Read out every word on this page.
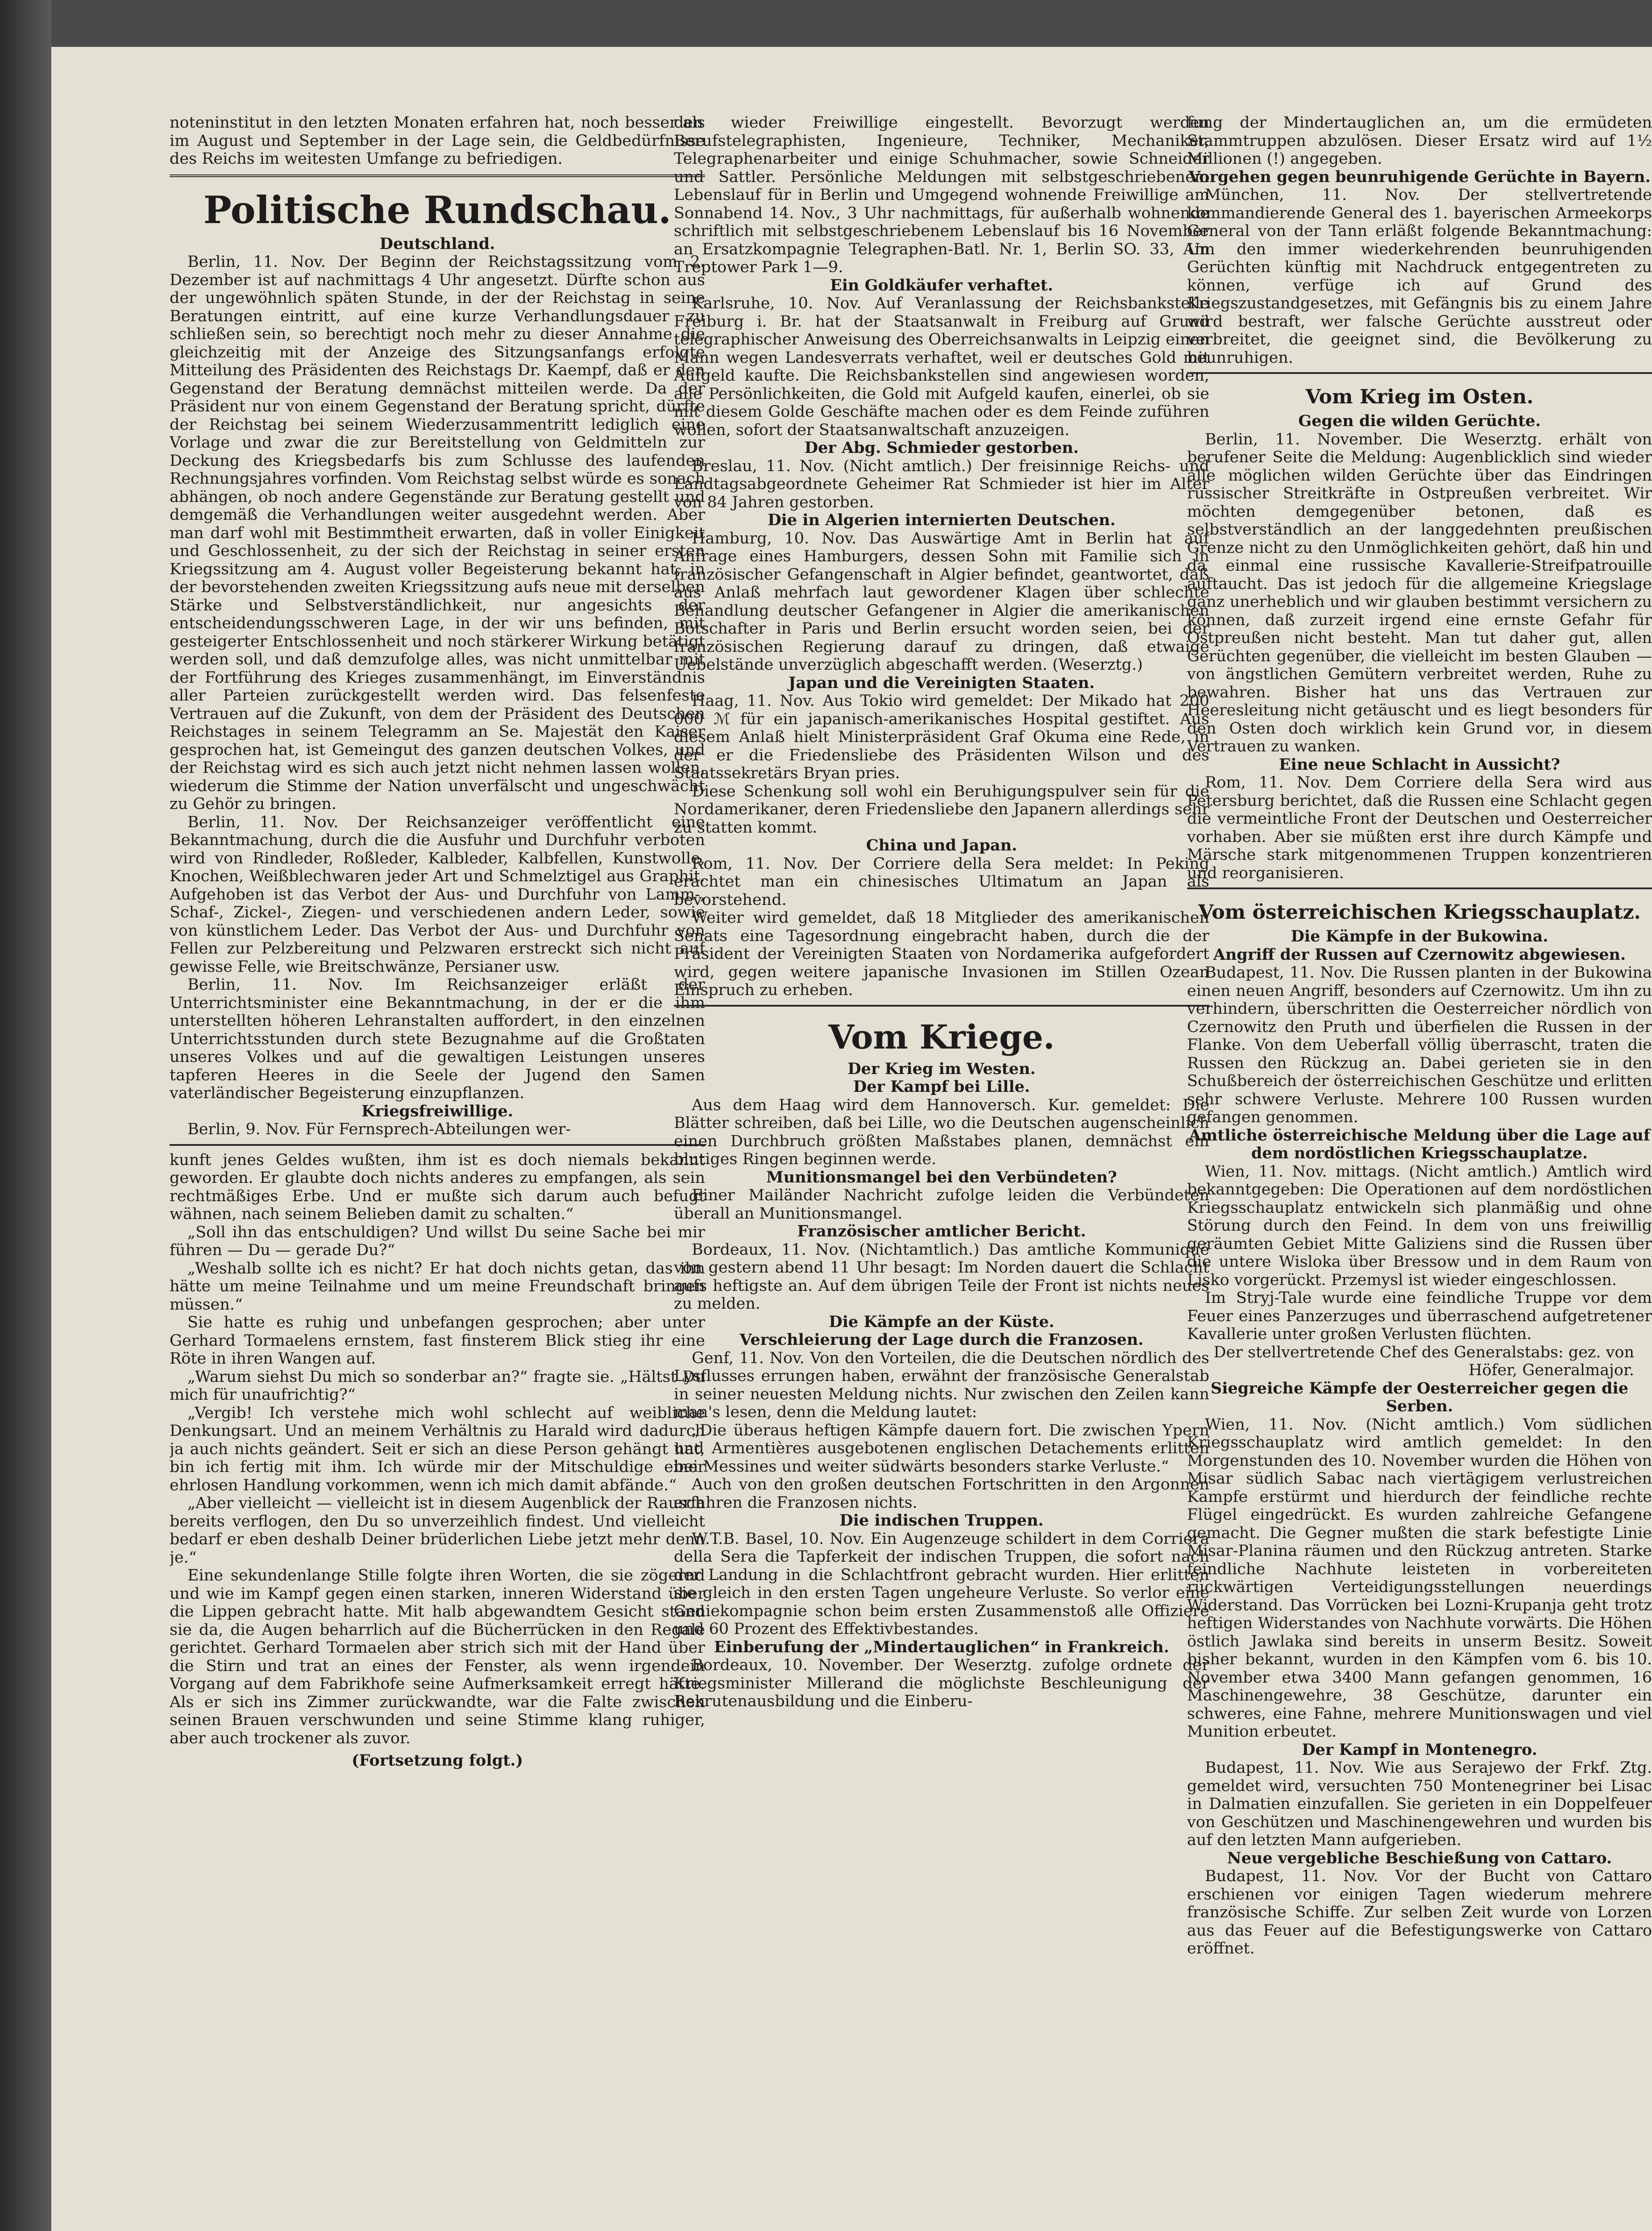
noteninstitut in den letzten Monaten erfahren hat, noch besser als im August und September in der Lage sein, die Geldbedürfnisse des Reichs im weitesten Umfange zu befriedigen.

Politische Rundschau.
Deutschland.

Berlin, 11. Nov. Der Beginn der Reichstagssitzung vom 2. Dezember ist auf nachmittags 4 Uhr angesetzt. Dürfte schon aus der ungewöhnlich späten Stunde, in der der Reichstag in seine Beratungen eintritt, auf eine kurze Verhandlungsdauer zu schließen sein, so berechtigt noch mehr zu dieser Annahme die gleichzeitig mit der Anzeige des Sitzungsanfangs erfolgte Mitteilung des Präsidenten des Reichstags Dr. Kaempf, daß er den Gegenstand der Beratung demnächst mitteilen werde. Da der Präsident nur von einem Gegenstand der Beratung spricht, dürfte der Reichstag bei seinem Wiederzusammentritt lediglich eine Vorlage und zwar die zur Bereitstellung von Geldmitteln zur Deckung des Kriegsbedarfs bis zum Schlusse des laufenden Rechnungsjahres vorfinden. Vom Reichstag selbst würde es sonach abhängen, ob noch andere Gegenstände zur Beratung gestellt und demgemäß die Verhandlungen weiter ausgedehnt werden. Aber man darf wohl mit Bestimmtheit erwarten, daß in voller Einigkeit und Geschlossenheit, zu der sich der Reichstag in seiner ersten Kriegssitzung am 4. August voller Begeisterung bekannt hat, in der bevorstehenden zweiten Kriegssitzung aufs neue mit derselben Stärke und Selbstverständlichkeit, nur angesichts der entscheidendungsschweren Lage, in der wir uns befinden, mit gesteigerter Entschlossenheit und noch stärkerer Wirkung betätigt werden soll, und daß demzufolge alles, was nicht unmittelbar mit der Fortführung des Krieges zusammenhängt, im Einverständnis aller Parteien zurückgestellt werden wird. Das felsenfeste Vertrauen auf die Zukunft, von dem der Präsident des Deutschen Reichstages in seinem Telegramm an Se. Majestät den Kaiser gesprochen hat, ist Gemeingut des ganzen deutschen Volkes, und der Reichstag wird es sich auch jetzt nicht nehmen lassen wollen, wiederum die Stimme der Nation unverfälscht und ungeschwächt zu Gehör zu bringen.

Berlin, 11. Nov. Der Reichsanzeiger veröffentlicht eine Bekanntmachung, durch die die Ausfuhr und Durchfuhr verboten wird von Rindleder, Roßleder, Kalbleder, Kalbfellen, Kunstwolle, Knochen, Weißblechwaren jeder Art und Schmelztigel aus Graphit. Aufgehoben ist das Verbot der Aus- und Durchfuhr von Lamm-, Schaf-, Zickel-, Ziegen- und verschiedenen andern Leder, sowie von künstlichem Leder. Das Verbot der Aus- und Durchfuhr von Fellen zur Pelzbereitung und Pelzwaren erstreckt sich nicht auf gewisse Felle, wie Breitschwänze, Persianer usw.

Berlin, 11. Nov. Im Reichsanzeiger erläßt der Unterrichtsminister eine Bekanntmachung, in der er die ihm unterstellten höheren Lehranstalten auffordert, in den einzelnen Unterrichtsstunden durch stete Bezugnahme auf die Großtaten unseres Volkes und auf die gewaltigen Leistungen unseres tapferen Heeres in die Seele der Jugend den Samen vaterländischer Begeisterung einzupflanzen.

Kriegsfreiwillige.

Berlin, 9. Nov. Für Fernsprech-Abteilungen wer-

kunft jenes Geldes wußten, ihm ist es doch niemals bekannt geworden. Er glaubte doch nichts anderes zu empfangen, als sein rechtmäßiges Erbe. Und er mußte sich darum auch befugt wähnen, nach seinem Belieben damit zu schalten.“

„Soll ihn das entschuldigen? Und willst Du seine Sache bei mir führen — Du — gerade Du?“

„Weshalb sollte ich es nicht? Er hat doch nichts getan, das ihn hätte um meine Teilnahme und um meine Freundschaft bringen müssen.“

Sie hatte es ruhig und unbefangen gesprochen; aber unter Gerhard Tormaelens ernstem, fast finsterem Blick stieg ihr eine Röte in ihren Wangen auf.

„Warum siehst Du mich so sonderbar an?“ fragte sie. „Hältst Du mich für unaufrichtig?“

„Vergib! Ich verstehe mich wohl schlecht auf weibliche Denkungsart. Und an meinem Verhältnis zu Harald wird dadurch ja auch nichts geändert. Seit er sich an diese Person gehängt hat, bin ich fertig mit ihm. Ich würde mir der Mitschuldige einer ehrlosen Handlung vorkommen, wenn ich mich damit abfände.“

„Aber vielleicht — vielleicht ist in diesem Augenblick der Rausch bereits verflogen, den Du so unverzeihlich findest. Und vielleicht bedarf er eben deshalb Deiner brüderlichen Liebe jetzt mehr denn je.“

Eine sekundenlange Stille folgte ihren Worten, die sie zögernd und wie im Kampf gegen einen starken, inneren Widerstand über die Lippen gebracht hatte. Mit halb abgewandtem Gesicht stand sie da, die Augen beharrlich auf die Bücherrücken in den Regale gerichtet. Gerhard Tormaelen aber strich sich mit der Hand über die Stirn und trat an eines der Fenster, als wenn irgendein Vorgang auf dem Fabrikhofe seine Aufmerksamkeit erregt hätte. Als er sich ins Zimmer zurückwandte, war die Falte zwischen seinen Brauen verschwunden und seine Stimme klang ruhiger, aber auch trockener als zuvor.

(Fortsetzung folgt.)

den wieder Freiwillige eingestellt. Bevorzugt werden Berufstelegraphisten, Ingenieure, Techniker, Mechaniker, Telegraphenarbeiter und einige Schuhmacher, sowie Schneider und Sattler. Persönliche Meldungen mit selbstgeschriebenem Lebenslauf für in Berlin und Umgegend wohnende Freiwillige am Sonnabend 14. Nov., 3 Uhr nachmittags, für außerhalb wohnende schriftlich mit selbstgeschriebenem Lebenslauf bis 16 November an Ersatzkompagnie Telegraphen-Batl. Nr. 1, Berlin SO. 33, Am Treptower Park 1—9.

Ein Goldkäufer verhaftet.

Karlsruhe, 10. Nov. Auf Veranlassung der Reichsbankstelle Freiburg i. Br. hat der Staatsanwalt in Freiburg auf Grund telegraphischer Anweisung des Oberreichsanwalts in Leipzig einen Mann wegen Landesverrats verhaftet, weil er deutsches Gold mit Aufgeld kaufte. Die Reichsbankstellen sind angewiesen worden, alle Persönlichkeiten, die Gold mit Aufgeld kaufen, einerlei, ob sie mit diesem Golde Geschäfte machen oder es dem Feinde zuführen wollen, sofort der Staatsanwaltschaft anzuzeigen.

Der Abg. Schmieder gestorben.

Breslau, 11. Nov. (Nicht amtlich.) Der freisinnige Reichs- und Landtagsabgeordnete Geheimer Rat Schmieder ist hier im Alter von 84 Jahren gestorben.

Die in Algerien internierten Deutschen.

Hamburg, 10. Nov. Das Auswärtige Amt in Berlin hat auf Anfrage eines Hamburgers, dessen Sohn mit Familie sich in französischer Gefangenschaft in Algier befindet, geantwortet, daß aus Anlaß mehrfach laut gewordener Klagen über schlechte Behandlung deutscher Gefangener in Algier die amerikanischen Botschafter in Paris und Berlin ersucht worden seien, bei der französischen Regierung darauf zu dringen, daß etwaige Uebelstände unverzüglich abgeschafft werden. (Weserztg.)

Japan und die Vereinigten Staaten.

Haag, 11. Nov. Aus Tokio wird gemeldet: Der Mikado hat 200 000 ℳ für ein japanisch-amerikanisches Hospital gestiftet. Aus diesem Anlaß hielt Ministerpräsident Graf Okuma eine Rede, in der er die Friedensliebe des Präsidenten Wilson und des Staatssekretärs Bryan pries.

Diese Schenkung soll wohl ein Beruhigungspulver sein für die Nordamerikaner, deren Friedensliebe den Japanern allerdings sehr zu statten kommt.

China und Japan.

Rom, 11. Nov. Der Corriere della Sera meldet: In Peking erachtet man ein chinesisches Ultimatum an Japan als bevorstehend.

Weiter wird gemeldet, daß 18 Mitglieder des amerikanischen Senats eine Tagesordnung eingebracht haben, durch die der Präsident der Vereinigten Staaten von Nordamerika aufgefordert wird, gegen weitere japanische Invasionen im Stillen Ozean Einspruch zu erheben.

Vom Kriege.
Der Krieg im Westen.
Der Kampf bei Lille.

Aus dem Haag wird dem Hannoversch. Kur. gemeldet: Die Blätter schreiben, daß bei Lille, wo die Deutschen augenscheinlich einen Durchbruch größten Maßstabes planen, demnächst ein blutiges Ringen beginnen werde.

Munitionsmangel bei den Verbündeten?

Einer Mailänder Nachricht zufolge leiden die Verbündeten überall an Munitionsmangel.

Französischer amtlicher Bericht.

Bordeaux, 11. Nov. (Nichtamtlich.) Das amtliche Kommuniqué von gestern abend 11 Uhr besagt: Im Norden dauert die Schlacht aufs heftigste an. Auf dem übrigen Teile der Front ist nichts neues zu melden.

Die Kämpfe an der Küste.
Verschleierung der Lage durch die Franzosen.

Genf, 11. Nov. Von den Vorteilen, die die Deutschen nördlich des Lysflusses errungen haben, erwähnt der französische Generalstab in seiner neuesten Meldung nichts. Nur zwischen den Zeilen kann man's lesen, denn die Meldung lautet:

„Die überaus heftigen Kämpfe dauern fort. Die zwischen Ypern und Armentières ausgebotenen englischen Detachements erlitten bei Messines und weiter südwärts besonders starke Verluste.“

Auch von den großen deutschen Fortschritten in den Argonnen erfahren die Franzosen nichts.

Die indischen Truppen.

W.T.B. Basel, 10. Nov. Ein Augenzeuge schildert in dem Corriera della Sera die Tapferkeit der indischen Truppen, die sofort nach der Landung in die Schlachtfront gebracht wurden. Hier erlitten sie gleich in den ersten Tagen ungeheure Verluste. So verlor eine Geniekompagnie schon beim ersten Zusammenstoß alle Offiziere und 60 Prozent des Effektivbestandes.

Einberufung der „Mindertauglichen“ in Frankreich.

Bordeaux, 10. November. Der Weserztg. zufolge ordnete der Kriegsminister Millerand die möglichste Beschleunigung der Rekrutenausbildung und die Einberu-

fung der Mindertauglichen an, um die ermüdeten Stammtruppen abzulösen. Dieser Ersatz wird auf 1½ Millionen (!) angegeben.

Vorgehen gegen beunruhigende Gerüchte in Bayern.

München, 11. Nov. Der stellvertretende kommandierende General des 1. bayerischen Armeekorps General von der Tann erläßt folgende Bekanntmachung: Um den immer wiederkehrenden beunruhigenden Gerüchten künftig mit Nachdruck entgegentreten zu können, verfüge ich auf Grund des Kriegszustandgesetzes, mit Gefängnis bis zu einem Jahre wird bestraft, wer falsche Gerüchte ausstreut oder verbreitet, die geeignet sind, die Bevölkerung zu beunruhigen.

Vom Krieg im Osten.
Gegen die wilden Gerüchte.

Berlin, 11. November. Die Weserztg. erhält von berufener Seite die Meldung: Augenblicklich sind wieder alle möglichen wilden Gerüchte über das Eindringen russischer Streitkräfte in Ostpreußen verbreitet. Wir möchten demgegenüber betonen, daß es selbstverständlich an der langgedehnten preußischen Grenze nicht zu den Unmöglichkeiten gehört, daß hin und da einmal eine russische Kavallerie-Streifpatrouille auftaucht. Das ist jedoch für die allgemeine Kriegslage ganz unerheblich und wir glauben bestimmt versichern zu können, daß zurzeit irgend eine ernste Gefahr für Ostpreußen nicht besteht. Man tut daher gut, allen Gerüchten gegenüber, die vielleicht im besten Glauben — von ängstlichen Gemütern verbreitet werden, Ruhe zu bewahren. Bisher hat uns das Vertrauen zur Heeresleitung nicht getäuscht und es liegt besonders für den Osten doch wirklich kein Grund vor, in diesem Vertrauen zu wanken.

Eine neue Schlacht in Aussicht?

Rom, 11. Nov. Dem Corriere della Sera wird aus Petersburg berichtet, daß die Russen eine Schlacht gegen die vermeintliche Front der Deutschen und Oesterreicher vorhaben. Aber sie müßten erst ihre durch Kämpfe und Märsche stark mitgenommenen Truppen konzentrieren und reorganisieren.

Vom österreichischen Kriegsschauplatz.
Die Kämpfe in der Bukowina.
Angriff der Russen auf Czernowitz abgewiesen.

Budapest, 11. Nov. Die Russen planten in der Bukowina einen neuen Angriff, besonders auf Czernowitz. Um ihn zu verhindern, überschritten die Oesterreicher nördlich von Czernowitz den Pruth und überfielen die Russen in der Flanke. Von dem Ueberfall völlig überrascht, traten die Russen den Rückzug an. Dabei gerieten sie in den Schußbereich der österreichischen Geschütze und erlitten sehr schwere Verluste. Mehrere 100 Russen wurden gefangen genommen.

Amtliche österreichische Meldung über die Lage auf dem nordöstlichen Kriegsschauplatze.

Wien, 11. Nov. mittags. (Nicht amtlich.) Amtlich wird bekanntgegeben: Die Operationen auf dem nordöstlichen Kriegsschauplatz entwickeln sich planmäßig und ohne Störung durch den Feind. In dem von uns freiwillig geräumten Gebiet Mitte Galiziens sind die Russen über die untere Wisloka über Bressow und in dem Raum von Lisko vorgerückt. Przemysl ist wieder eingeschlossen.

Im Stryj-Tale wurde eine feindliche Truppe vor dem Feuer eines Panzerzuges und überraschend aufgetretener Kavallerie unter großen Verlusten flüchten.

Der stellvertretende Chef des Generalstabs: gez. von Höfer, Generalmajor.

Siegreiche Kämpfe der Oesterreicher gegen die Serben.

Wien, 11. Nov. (Nicht amtlich.) Vom südlichen Kriegsschauplatz wird amtlich gemeldet: In den Morgenstunden des 10. November wurden die Höhen von Misar südlich Sabac nach viertägigem verlustreichen Kampfe erstürmt und hierdurch der feindliche rechte Flügel eingedrückt. Es wurden zahlreiche Gefangene gemacht. Die Gegner mußten die stark befestigte Linie Misar-Planina räumen und den Rückzug antreten. Starke feindliche Nachhute leisteten in vorbereiteten rückwärtigen Verteidigungsstellungen neuerdings Widerstand. Das Vorrücken bei Lozni-Krupanja geht trotz heftigen Widerstandes von Nachhute vorwärts. Die Höhen östlich Jawlaka sind bereits in unserm Besitz. Soweit bisher bekannt, wurden in den Kämpfen vom 6. bis 10. November etwa 3400 Mann gefangen genommen, 16 Maschinengewehre, 38 Geschütze, darunter ein schweres, eine Fahne, mehrere Munitionswagen und viel Munition erbeutet.

Der Kampf in Montenegro.

Budapest, 11. Nov. Wie aus Serajewo der Frkf. Ztg. gemeldet wird, versuchten 750 Montenegriner bei Lisac in Dalmatien einzufallen. Sie gerieten in ein Doppelfeuer von Geschützen und Maschinengewehren und wurden bis auf den letzten Mann aufgerieben.

Neue vergebliche Beschießung von Cattaro.

Budapest, 11. Nov. Vor der Bucht von Cattaro erschienen vor einigen Tagen wiederum mehrere französische Schiffe. Zur selben Zeit wurde von Lorzen aus das Feuer auf die Befestigungswerke von Cattaro eröffnet.
